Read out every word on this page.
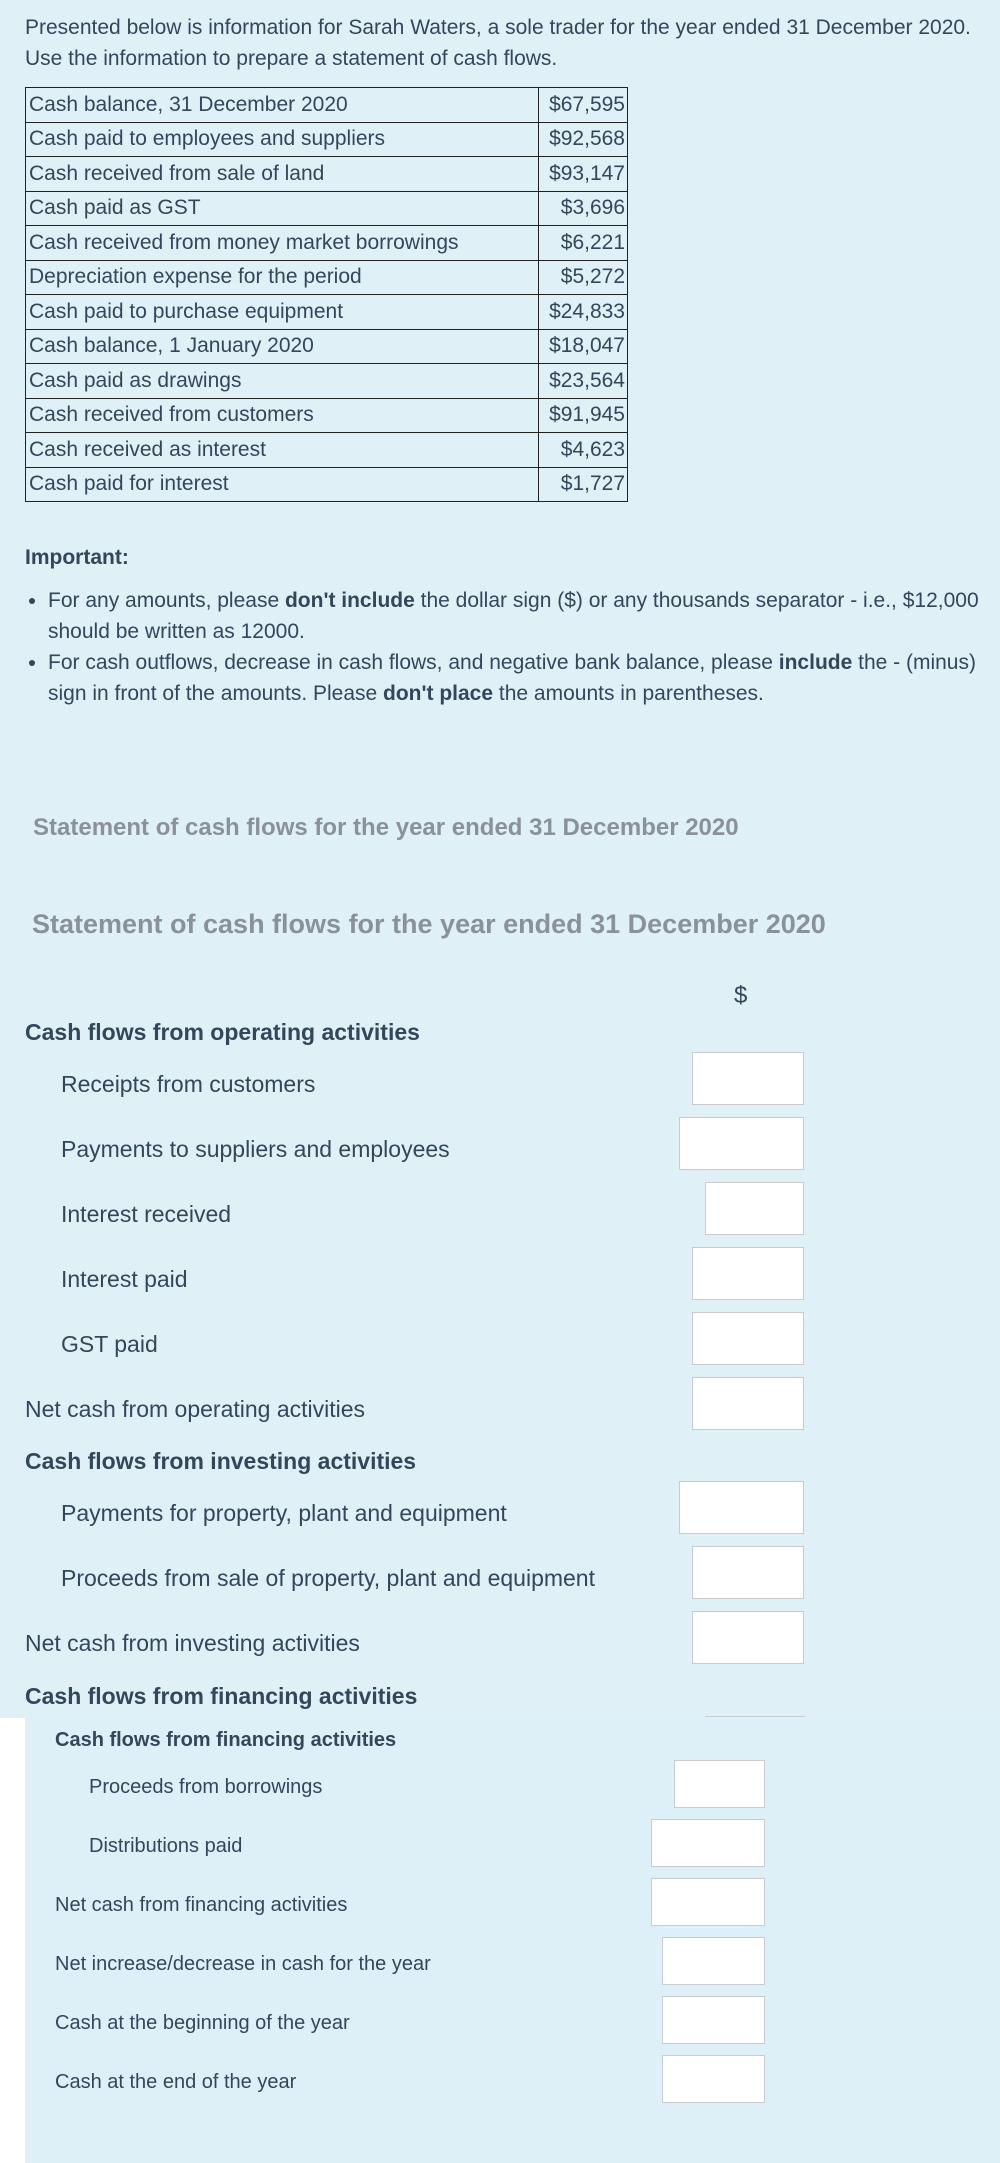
Presented below is information for Sarah Waters, a sole trader for the year ended 31 December 2020. Use the information to prepare a statement of cash flows.
Cash balance, 31 December 2020	$67,595
Cash paid to employees and suppliers	$92,568
Cash received from sale of land	$93,147
Cash paid as GST	$3,696
Cash received from money market borrowings	$6,221
Depreciation expense for the period	$5,272
Cash paid to purchase equipment	$24,833
Cash balance, 1 January 2020	$18,047
Cash paid as drawings	$23,564
Cash received from customers	$91,945
Cash received as interest	$4,623
Cash paid for interest	$1,727
Important:
• For any amounts, please don't include the dollar sign ($) or any thousands separator - i.e., $12,000 should be written as 12000.
• For cash outflows, decrease in cash flows, and negative bank balance, please include the - (minus) sign in front of the amounts. Please don't place the amounts in parentheses.
Statement of cash flows for the year ended 31 December 2020
Statement of cash flows for the year ended 31 December 2020
$
Cash flows from operating activities
Receipts from customers
Payments to suppliers and employees
Interest received
Interest paid
GST paid
Net cash from operating activities
Cash flows from investing activities
Payments for property, plant and equipment
Proceeds from sale of property, plant and equipment
Net cash from investing activities
Cash flows from financing activities
Cash flows from financing activities
Proceeds from borrowings
Distributions paid
Net cash from financing activities
Net increase/decrease in cash for the year
Cash at the beginning of the year
Cash at the end of the year
